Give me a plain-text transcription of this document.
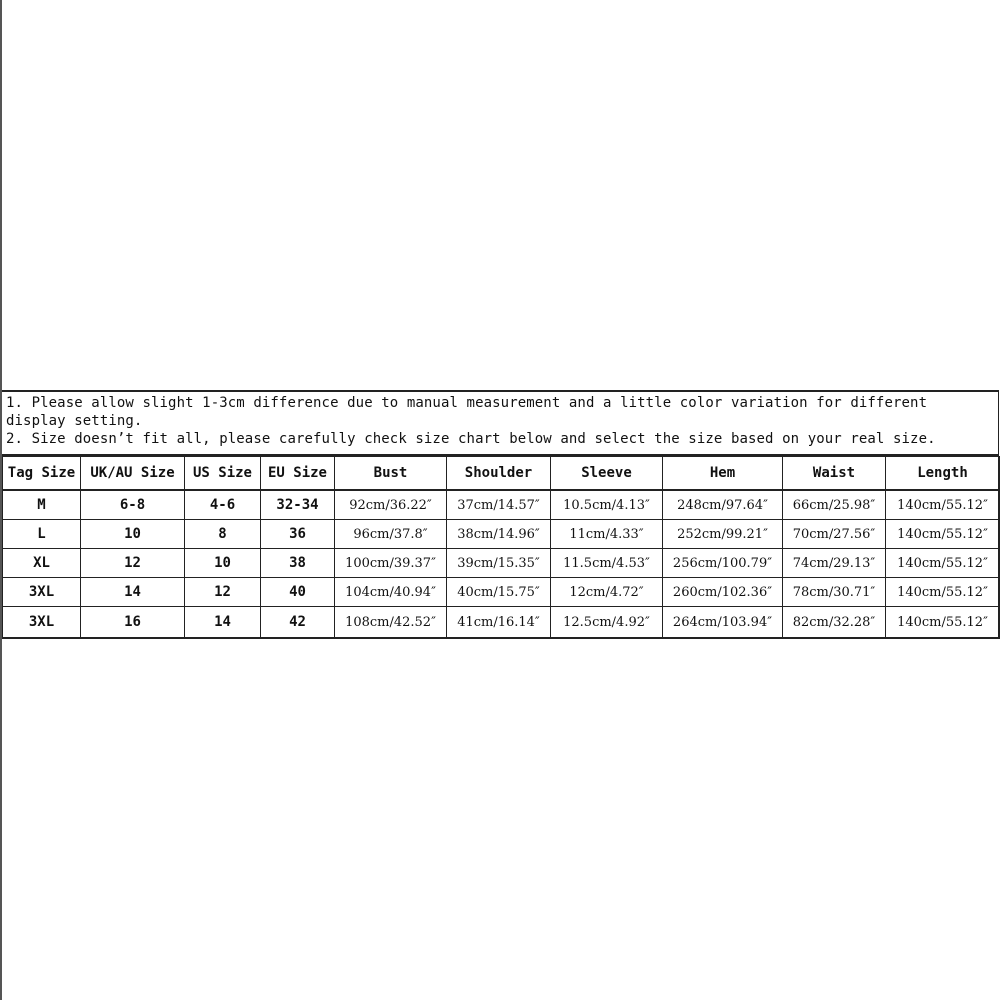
1. Please allow slight 1-3cm difference due to manual measurement and a little color variation for different display setting.

2. Size doesn’t fit all, please carefully check size chart below and select the size based on your real size.

Tag Size	UK/AU Size	US Size	EU Size	Bust	Shoulder	Sleeve	Hem	Waist	Length
M	6-8	4-6	32-34	92cm/36.22″	37cm/14.57″	10.5cm/4.13″	248cm/97.64″	66cm/25.98″	140cm/55.12″
L	10	8	36	96cm/37.8″	38cm/14.96″	11cm/4.33″	252cm/99.21″	70cm/27.56″	140cm/55.12″
XL	12	10	38	100cm/39.37″	39cm/15.35″	11.5cm/4.53″	256cm/100.79″	74cm/29.13″	140cm/55.12″
3XL	14	12	40	104cm/40.94″	40cm/15.75″	12cm/4.72″	260cm/102.36″	78cm/30.71″	140cm/55.12″
3XL	16	14	42	108cm/42.52″	41cm/16.14″	12.5cm/4.92″	264cm/103.94″	82cm/32.28″	140cm/55.12″
